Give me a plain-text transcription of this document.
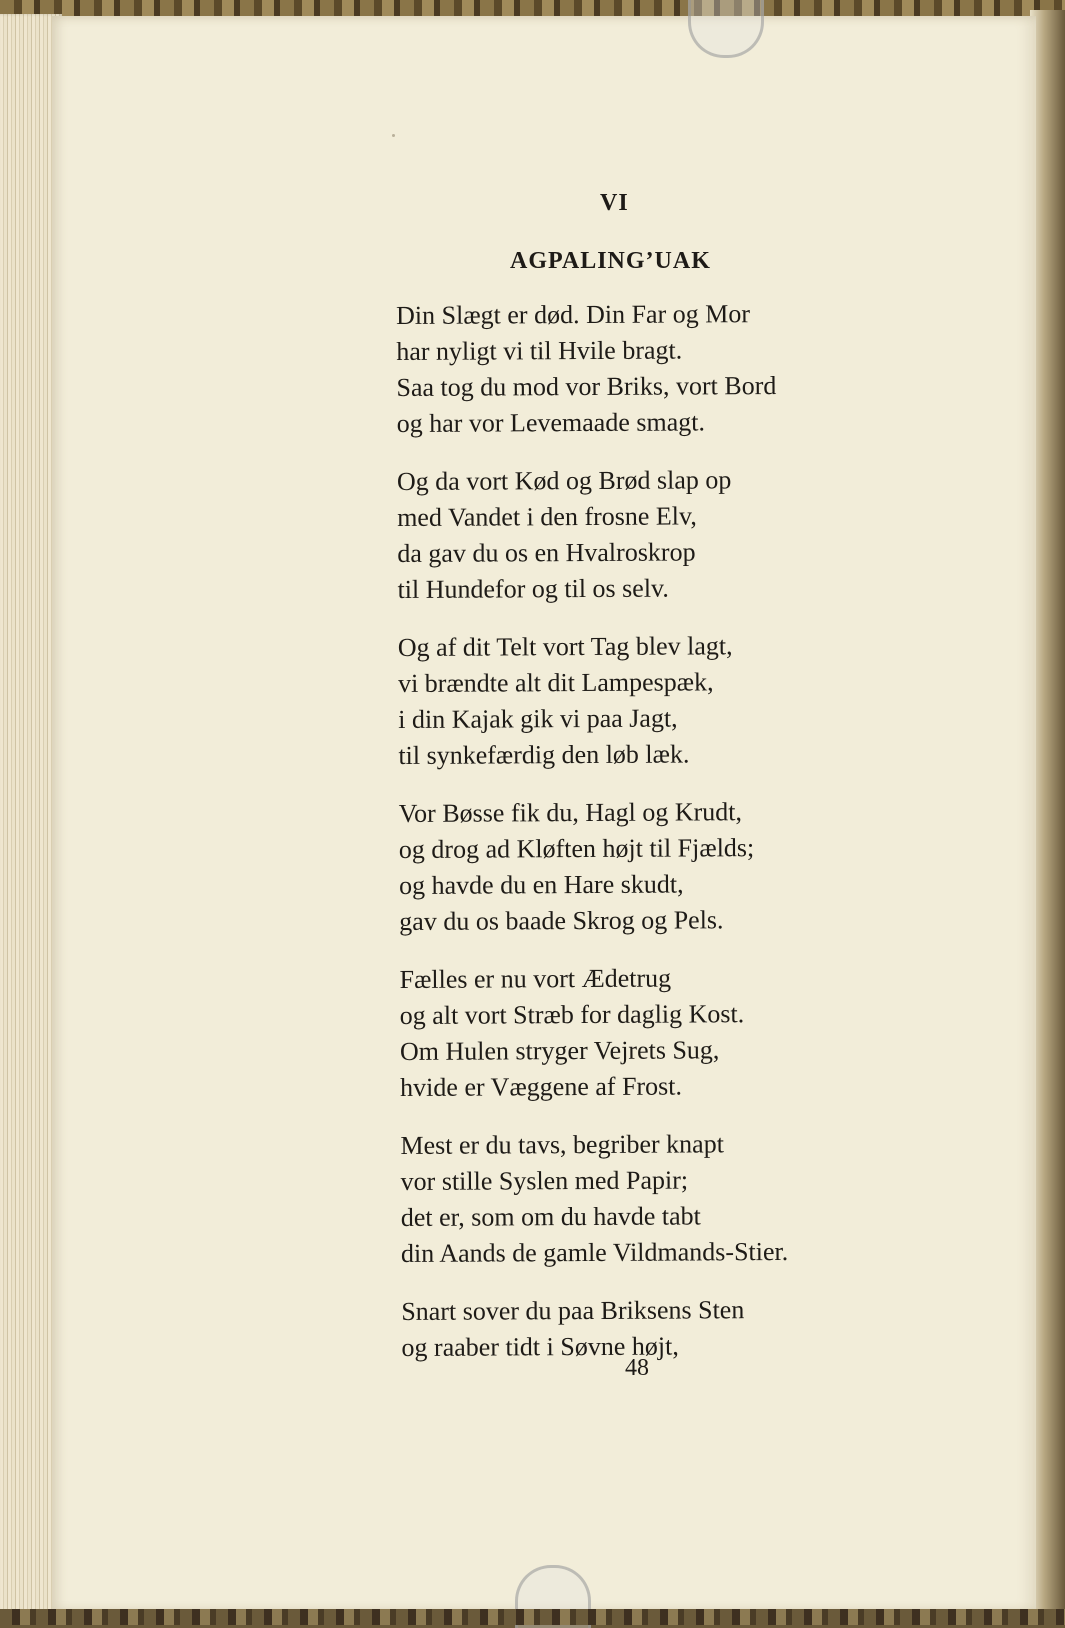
VI
AGPALING’UAK

Din Slægt er død. Din Far og Mor
har nyligt vi til Hvile bragt.
Saa tog du mod vor Briks, vort Bord
og har vor Levemaade smagt.

Og da vort Kød og Brød slap op
med Vandet i den frosne Elv,
da gav du os en Hvalroskrop
til Hundefor og til os selv.

Og af dit Telt vort Tag blev lagt,
vi brændte alt dit Lampespæk,
i din Kajak gik vi paa Jagt,
til synkefærdig den løb læk.

Vor Bøsse fik du, Hagl og Krudt,
og drog ad Kløften højt til Fjælds;
og havde du en Hare skudt,
gav du os baade Skrog og Pels.

Fælles er nu vort Ædetrug
og alt vort Stræb for daglig Kost.
Om Hulen stryger Vejrets Sug,
hvide er Væggene af Frost.

Mest er du tavs, begriber knapt
vor stille Syslen med Papir;
det er, som om du havde tabt
din Aands de gamle Vildmands-Stier.

Snart sover du paa Briksens Sten
og raaber tidt i Søvne højt,

48
